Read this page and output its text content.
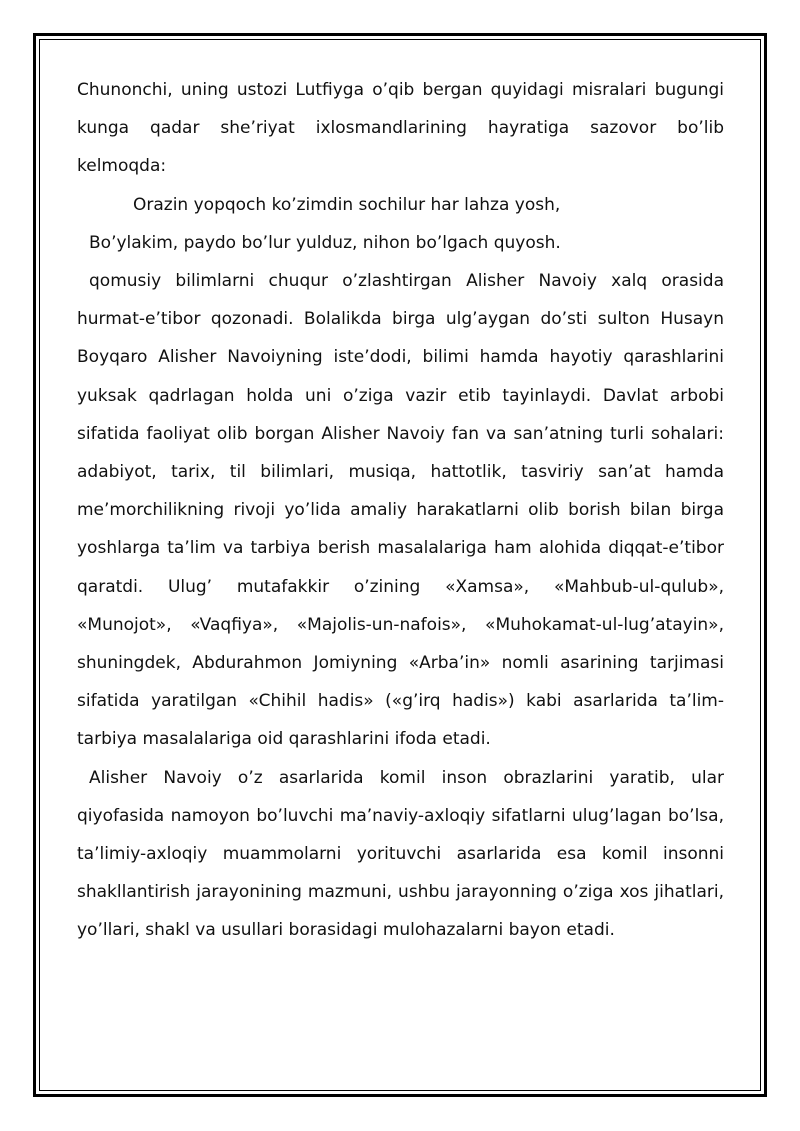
Chunonchi, uning ustozi Lutfiyga o’qib bergan quyidagi misralari bugungi kunga qadar she’riyat ixlosmandlarining hayratiga sazovor bo’lib kelmoqda:

Orazin yopqoch ko’zimdin sochilur har lahza yosh,

Bo’ylakim, paydo bo’lur yulduz, nihon bo’lgach quyosh.

qomusiy bilimlarni chuqur o’zlashtirgan Alisher Navoiy xalq orasida hurmat-e’tibor qozonadi. Bolalikda birga ulg’aygan do’sti sulton Husayn Boyqaro Alisher Navoiyning iste’dodi, bilimi hamda hayotiy qarashlarini yuksak qadrlagan holda uni o’ziga vazir etib tayinlaydi. Davlat arbobi sifatida faoliyat olib borgan Alisher Navoiy fan va san’atning turli sohalari: adabiyot, tarix, til bilimlari, musiqa, hattotlik, tasviriy san’at hamda me’morchilikning rivoji yo’lida amaliy harakatlarni olib borish bilan birga yoshlarga ta’lim va tarbiya berish masalalariga ham alohida diqqat-e’tibor qaratdi. Ulug’ mutafakkir o’zining «Xamsa», «Mahbub-ul-qulub», «Munojot», «Vaqfiya», «Majolis-un-nafois», «Muhokamat-ul-lug’atayin», shuningdek, Abdurahmon Jomiyning «Arba’in» nomli asarining tarjimasi sifatida yaratilgan «Chihil hadis» («g’irq hadis») kabi asarlarida ta’lim-tarbiya masalalariga oid qarashlarini ifoda etadi.

Alisher Navoiy o’z asarlarida komil inson obrazlarini yaratib, ular qiyofasida namoyon bo’luvchi ma’naviy-axloqiy sifatlarni ulug’lagan bo’lsa, ta’limiy-axloqiy muammolarni yorituvchi asarlarida esa komil insonni shakllantirish jarayonining mazmuni, ushbu jarayonning o’ziga xos jihatlari, yo’llari, shakl va usullari borasidagi mulohazalarni bayon etadi.
